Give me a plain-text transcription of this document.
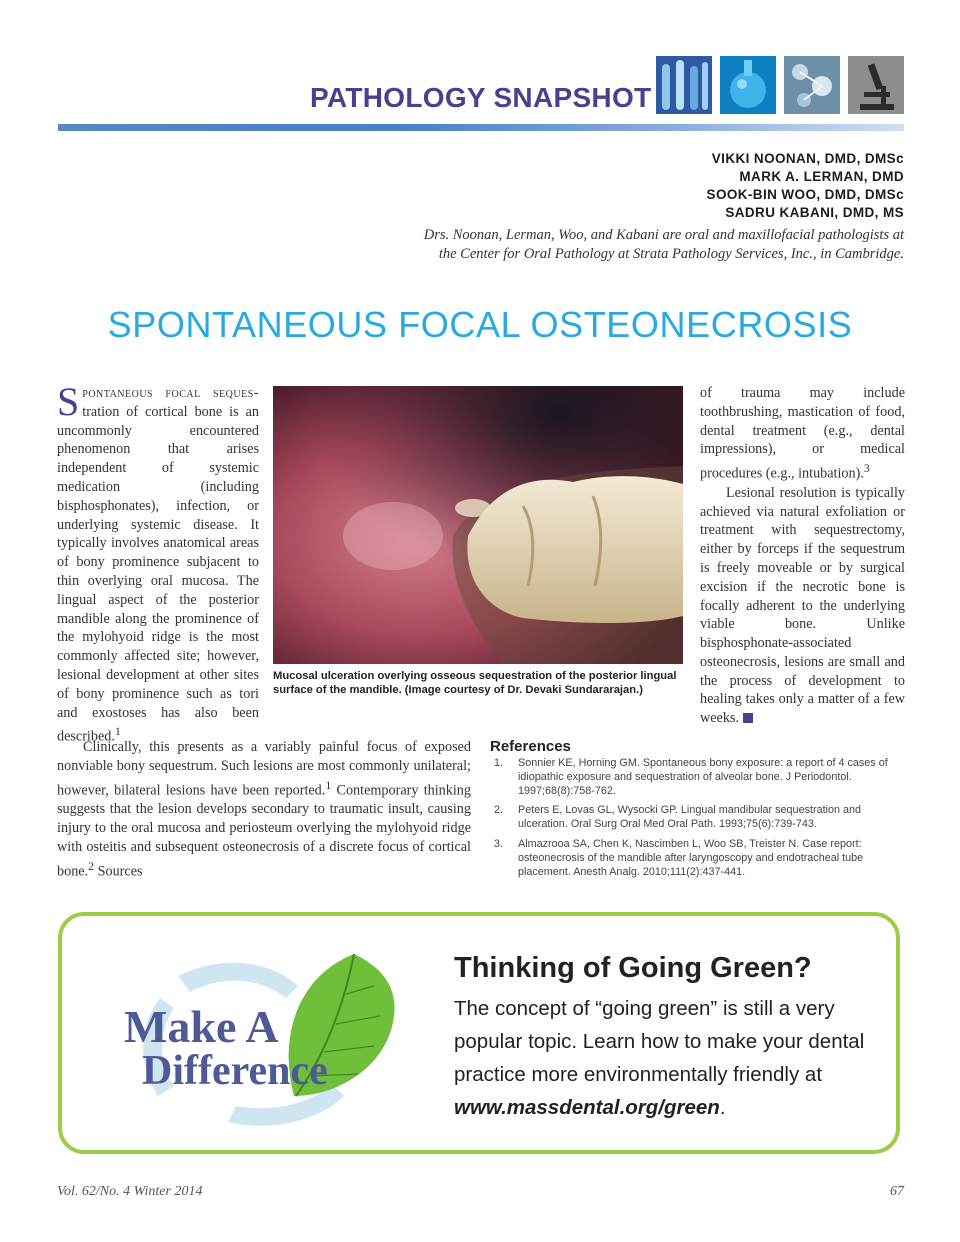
PATHOLOGY SNAPSHOT
VIKKI NOONAN, DMD, DMSc
MARK A. LERMAN, DMD
SOOK-BIN WOO, DMD, DMSc
SADRU KABANI, DMD, MS
Drs. Noonan, Lerman, Woo, and Kabani are oral and maxillofacial pathologists at
the Center for Oral Pathology at Strata Pathology Services, Inc., in Cambridge.
SPONTANEOUS FOCAL OSTEONECROSIS

Spontaneous focal seques- tration of cortical bone is an uncommonly encountered phenomenon that arises independent of systemic medication (including bisphosphonates), infection, or underlying systemic disease. It typically involves anatomical areas of bony prominence subjacent to thin overlying oral mucosa. The lingual aspect of the posterior mandible along the prominence of the mylohyoid ridge is the most commonly affected site; however, lesional development at other sites of bony prominence such as tori and exostoses has also been described.$^1$

Mucosal ulceration overlying osseous sequestration of the posterior lingual surface of the mandible. (Image courtesy of Dr. Devaki Sundararajan.)

of trauma may include toothbrushing, mastication of food, dental treatment (e.g., dental impressions), or medical procedures (e.g., intubation).$^3$

Lesional resolution is typically achieved via natural exfoliation or treatment with sequestrectomy, either by forceps if the sequestrum is freely moveable or by surgical excision if the necrotic bone is focally adherent to the underlying viable bone. Unlike bisphosphonate-associated osteonecrosis, lesions are small and the process of development to healing takes only a matter of a few weeks.

Clinically, this presents as a variably painful focus of exposed nonviable bony sequestrum. Such lesions are most commonly unilateral; however, bilateral lesions have been reported.$^1$ Contemporary thinking suggests that the lesion develops secondary to traumatic insult, causing injury to the oral mucosa and periosteum overlying the mylohyoid ridge with osteitis and subsequent osteonecrosis of a discrete focus of cortical bone.$^2$ Sources

References
1.	Sonnier KE, Horning GM. Spontaneous bony exposure: a report of 4 cases of idiopathic exposure and sequestration of alveolar bone. J Periodontol. 1997;68(8):758-762.
2.	Peters E, Lovas GL, Wysocki GP. Lingual mandibular sequestration and ulceration. Oral Surg Oral Med Oral Path. 1993;75(6):739-743.
3.	Almazrooa SA, Chen K, Nascimben L, Woo SB, Treister N. Case report: osteonecrosis of the mandible after laryngoscopy and endotracheal tube placement. Anesth Analg. 2010;111(2):437-441.
Make A
Difference
Thinking of Going Green?
The concept of “going green” is still a very popular topic. Learn how to make your dental practice more environmentally friendly at www.massdental.org/green.
Vol. 62/No. 4 Winter 2014	67
